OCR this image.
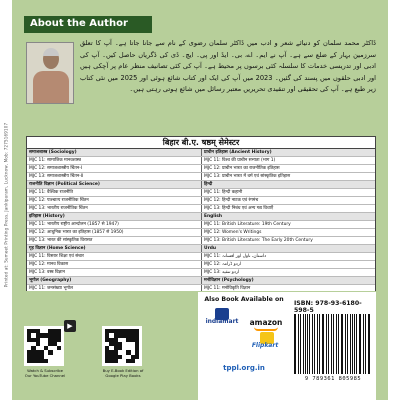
Printed at: Sumeet Printing Press, Jankipuram, Lucknow, Mob: 7275169107
About the Author
ڈاکٹر محمد سلمان کو دنیائے شعر و ادب میں ڈاکٹر سلمان رضوی کے نام سے جانا جاتا ہے۔ آپ کا تعلق سرزمین بہار کے ضلع سے ہے۔ آپ نے ایم۔ اے، بی۔ ایڈ اور پی۔ ایچ۔ ڈی کی ڈگریاں حاصل کیں۔ آپ کی ادبی اور تدریسی خدمات کا سلسلہ کئی برسوں پر محیط ہے۔ آپ کی کئی تصانیف منظر عام پر آچکی ہیں اور ادبی حلقوں میں پسند کی گئیں۔ 2023 میں آپ کی ایک اور کتاب شائع ہوئی اور 2025 میں نئی کتاب زیر طبع ہے۔ آپ کی تحقیقی اور تنقیدی تحریریں معتبر رسائل میں شائع ہوتی رہتی ہیں۔
बिहार बी.ए. षष्ठम् सेमेस्टर
समाजशास्त्र (Sociology)	प्राचीन इतिहास (Ancient History)
MJC 11: सामाजिक मानवशास्त्र	MJC 11: विश्व की प्राचीन सभ्यता (भाग 1)
MJC 12: समाजशास्त्रीय चिंतन-I	MJC 12: प्राचीन भारत का राजनीतिक इतिहास
MJC 13: समाजशास्त्रीय चिंतन-II	MJC 13: प्राचीन भारत में धर्म एवं सांस्कृतिक इतिहास
राजनीति विज्ञान (Political Science)	हिन्दी
MJC 11: वैश्विक राजनीति	MJC 11: हिन्दी कहानी
MJC 12: पाश्चात्य राजनीतिक चिंतन	MJC 12: हिन्दी नाटक एवं रंगमंच
MJC 13: भारतीय राजनीतिक चिंतन	MJC 13: हिन्दी निबंध एवं अन्य गद्य विधाएँ
इतिहास (History)	English
MJC 11: भारतीय राष्ट्रीय आन्दोलन (1857 से 1947)	MJC 11: British Literature: 19th Century
MJC 12: आधुनिक भारत का इतिहास (1857 से 1950)	MJC 12: Women's Writings
MJC 13: भारत की सांस्कृतिक विरासत	MJC 13: British Literature: The Early 20th Century
गृह विज्ञान (Home Science)	Urdu
MJC 11: विस्तार शिक्षा एवं संचार	MJC 11: داستان، ناول اور افسانہ
MJC 12: मानव विकास	MJC 12: اردو ڈرامہ
MJC 13: वस्त्र विज्ञान	MJC 13: اردو تنقید
भूगोल (Geography)	मनोविज्ञान (Psychology)
MJC 11: जनसंख्या भूगोल	MJC 11: मनोविकृति विज्ञान
▶
Watch & Subscribe
Our YouTube Channel
Buy E-Book Edition of
Google Play Books
Also Book Available on
indiamart	amazon
Flipkart
tppl.org.in
ISBN: 978-93-6180-598-5
9 789361 805985
